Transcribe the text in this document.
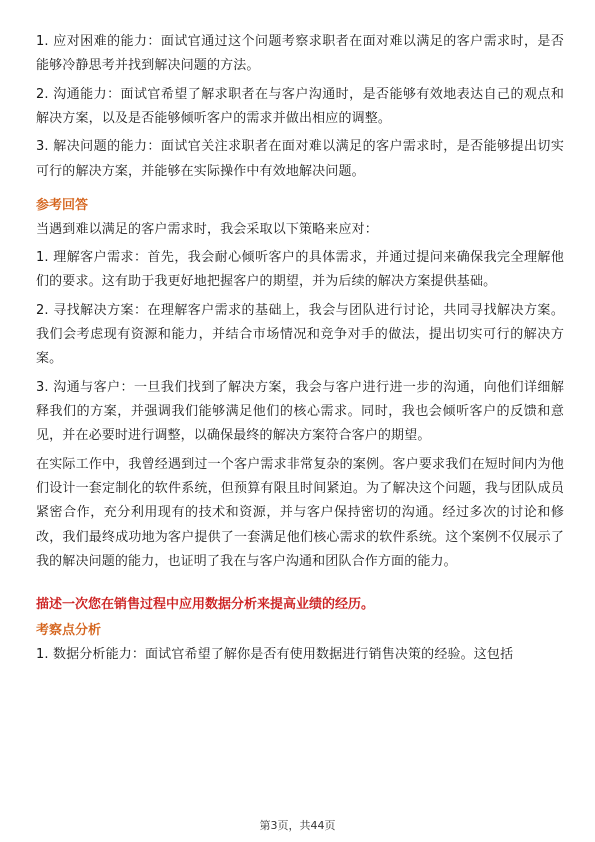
1. 应对困难的能力：面试官通过这个问题考察求职者在面对难以满足的客户需求时，是否能够冷静思考并找到解决问题的方法。

2. 沟通能力：面试官希望了解求职者在与客户沟通时，是否能够有效地表达自己的观点和解决方案，以及是否能够倾听客户的需求并做出相应的调整。

3. 解决问题的能力：面试官关注求职者在面对难以满足的客户需求时，是否能够提出切实可行的解决方案，并能够在实际操作中有效地解决问题。

参考回答

当遇到难以满足的客户需求时，我会采取以下策略来应对：

1. 理解客户需求：首先，我会耐心倾听客户的具体需求，并通过提问来确保我完全理解他们的要求。这有助于我更好地把握客户的期望，并为后续的解决方案提供基础。

2. 寻找解决方案：在理解客户需求的基础上，我会与团队进行讨论，共同寻找解决方案。我们会考虑现有资源和能力，并结合市场情况和竞争对手的做法，提出切实可行的解决方案。

3. 沟通与客户：一旦我们找到了解决方案，我会与客户进行进一步的沟通，向他们详细解释我们的方案，并强调我们能够满足他们的核心需求。同时，我也会倾听客户的反馈和意见，并在必要时进行调整，以确保最终的解决方案符合客户的期望。

在实际工作中，我曾经遇到过一个客户需求非常复杂的案例。客户要求我们在短时间内为他们设计一套定制化的软件系统，但预算有限且时间紧迫。为了解决这个问题，我与团队成员紧密合作，充分利用现有的技术和资源，并与客户保持密切的沟通。经过多次的讨论和修改，我们最终成功地为客户提供了一套满足他们核心需求的软件系统。这个案例不仅展示了我的解决问题的能力，也证明了我在与客户沟通和团队合作方面的能力。

描述一次您在销售过程中应用数据分析来提高业绩的经历。
考察点分析

1. 数据分析能力：面试官希望了解你是否有使用数据进行销售决策的经验。这包括

第3页，共44页
